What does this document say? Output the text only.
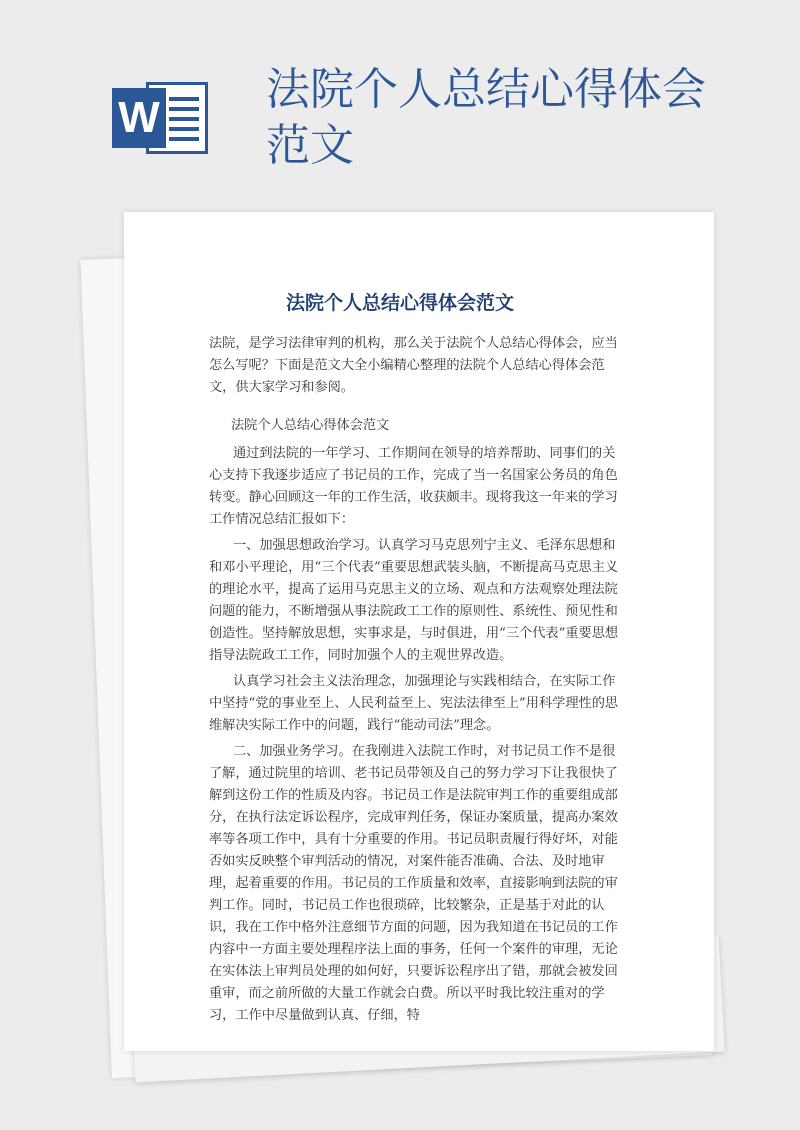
W
法院个人总结心得体会范文
法院个人总结心得体会范文

法院，是学习法律审判的机构，那么关于法院个人总结心得体会，应当怎么写呢？下面是范文大全小编精心整理的法院个人总结心得体会范文，供大家学习和参阅。

法院个人总结心得体会范文

通过到法院的一年学习、工作期间在领导的培养帮助、同事们的关心支持下我逐步适应了书记员的工作，完成了当一名国家公务员的角色转变。静心回顾这一年的工作生活，收获颇丰。现将我这一年来的学习工作情况总结汇报如下：

一、加强思想政治学习。认真学习马克思列宁主义、毛泽东思想和和邓小平理论，用“三个代表”重要思想武装头脑，不断提高马克思主义的理论水平，提高了运用马克思主义的立场、观点和方法观察处理法院问题的能力，不断增强从事法院政工工作的原则性、系统性、预见性和创造性。坚持解放思想，实事求是，与时俱进，用“三个代表”重要思想指导法院政工工作，同时加强个人的主观世界改造。

认真学习社会主义法治理念，加强理论与实践相结合，在实际工作中坚持“党的事业至上、人民利益至上、宪法法律至上”用科学理性的思维解决实际工作中的问题，践行“能动司法”理念。

二、加强业务学习。在我刚进入法院工作时，对书记员工作不是很了解，通过院里的培训、老书记员带领及自己的努力学习下让我很快了解到这份工作的性质及内容。书记员工作是法院审判工作的重要组成部分，在执行法定诉讼程序，完成审判任务，保证办案质量，提高办案效率等各项工作中，具有十分重要的作用。书记员职责履行得好坏，对能否如实反映整个审判活动的情况，对案件能否准确、合法、及时地审理，起着重要的作用。书记员的工作质量和效率，直接影响到法院的审判工作。同时，书记员工作也很琐碎，比较繁杂，正是基于对此的认识，我在工作中格外注意细节方面的问题，因为我知道在书记员的工作内容中一方面主要处理程序法上面的事务，任何一个案件的审理，无论在实体法上审判员处理的如何好，只要诉讼程序出了错，那就会被发回重审，而之前所做的大量工作就会白费。所以平时我比较注重对的学习，工作中尽量做到认真、仔细，特
